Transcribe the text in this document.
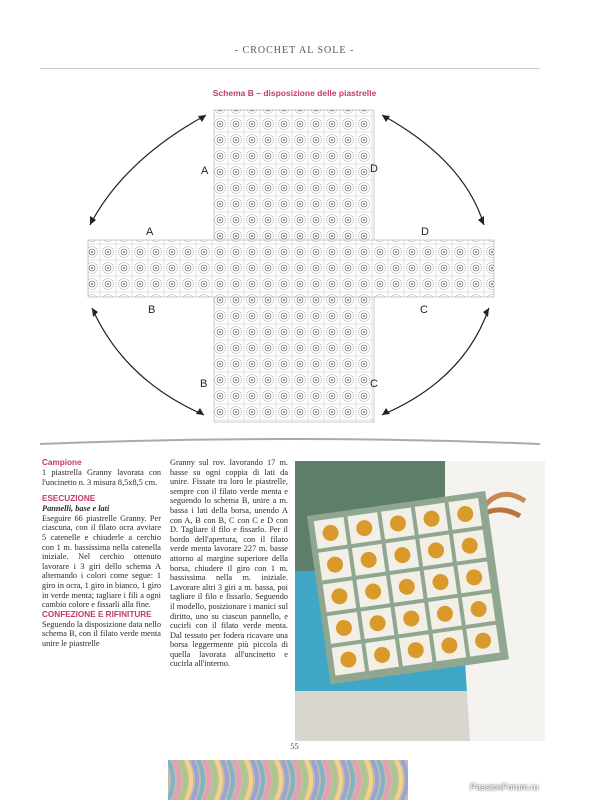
- CROCHET AL SOLE -
Schema B – disposizione delle piastrelle
A	D
A	D
B	C
B	C

Campione

1 piastrella Granny lavorata con l'uncinetto n. 3 misura 8,5x8,5 cm.

ESECUZIONE

Pannelli, base e lati

Eseguire 66 piastrelle Granny. Per ciascuna, con il filato ocra avviare 5 catenelle e chiuderle a cerchio con 1 m. bassissima nella catenella iniziale. Nel cerchio ottenuto lavorare i 3 giri dello schema A alternando i colori come segue: 1 giro in ocra, 1 giro in bianco, 1 giro in verde menta; tagliare i fili a ogni cambio colore e fissarli alla fine.

CONFEZIONE E RIFINITURE

Seguendo la disposizione data nello schema B, con il filato verde menta unire le piastrelle

Granny sul rov. lavorando 17 m. basse su ogni coppia di lati da unire. Fissate tra loro le piastrelle, sempre con il filato verde menta e seguendo lo schema B, unire a m. bassa i lati della borsa, unendo A con A, B con B, C con C e D con D. Tagliare il filo e fissarlo. Per il bordo dell'apertura, con il filato verde menta lavorare 227 m. basse attorno al margine superiore della borsa, chiudere il giro con 1 m. bassissima nella m. iniziale. Lavorare altri 3 giri a m. bassa, poi tagliare il filo e fissarlo. Seguendo il modello, posizionare i manici sul diritto, uno su ciascun pannello, e cucirli con il filato verde menta. Dal tessuto per fodera ricavare una borsa leggermente più piccola di quella lavorata all'uncinetto e cucirla all'interno.

55
PassionForum.ru
